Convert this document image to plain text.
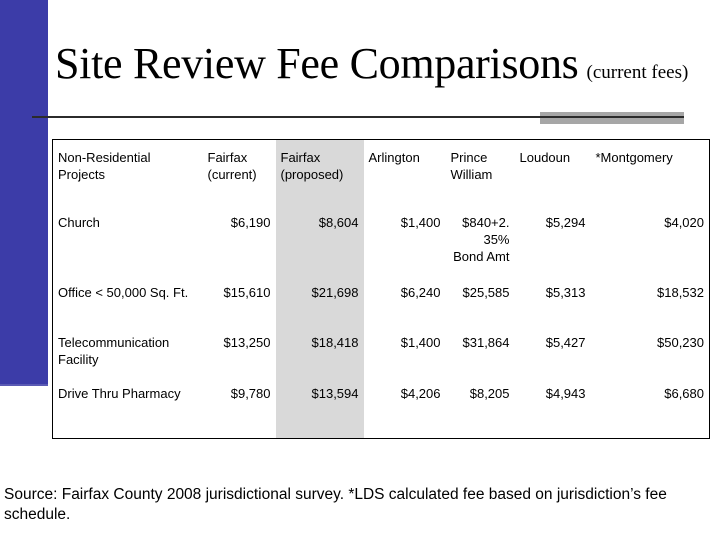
Site Review Fee Comparisons (current fees)
Non-Residential Projects	Fairfax (current)	Fairfax (proposed)	Arlington	Prince William	Loudoun	*Montgomery
Church	$6,190	$8,604	$1,400	$840+2. 35% Bond Amt	$5,294	$4,020
Office < 50,000 Sq. Ft.	$15,610	$21,698	$6,240	$25,585	$5,313	$18,532
Telecommunication Facility	$13,250	$18,418	$1,400	$31,864	$5,427	$50,230
Drive Thru Pharmacy	$9,780	$13,594	$4,206	$8,205	$4,943	$6,680
Source: Fairfax County 2008 jurisdictional survey. *LDS calculated fee based on jurisdiction’s fee schedule.
